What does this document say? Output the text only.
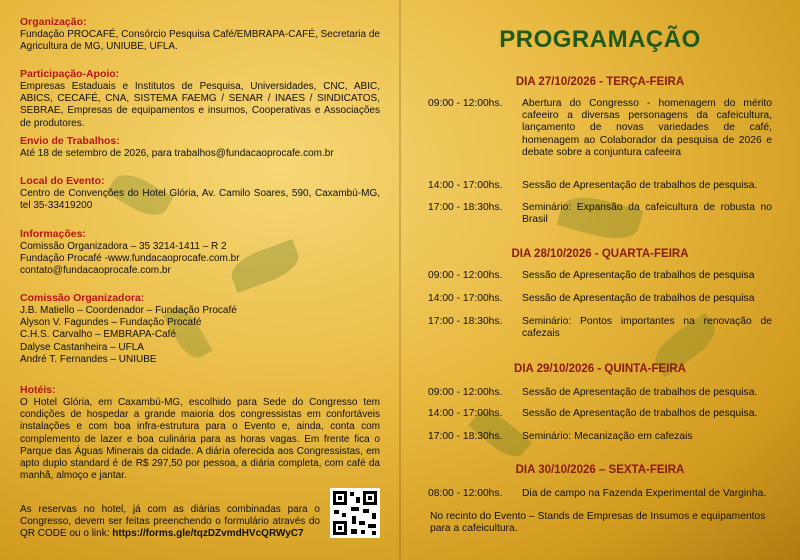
Organização:

Fundação PROCAFÉ, Consórcio Pesquisa Café/EMBRAPA-CAFÉ, Secretaria de Agricultura de MG, UNIUBE, UFLA.

Participação-Apoio:

Empresas Estaduais e Institutos de Pesquisa, Universidades, CNC, ABIC, ABICS, CECAFÉ, CNA, SISTEMA FAEMG / SENAR / INAES / SINDICATOS, SEBRAE, Empresas de equipamentos e insumos, Cooperativas e Associações de produtores.

Envio de Trabalhos:

Até 18 de setembro de 2026, para trabalhos@fundacaoprocafe.com.br

Local do Evento:

Centro de Convenções do Hotel Glória, Av. Camilo Soares, 590, Caxambú-MG, tel 35-33419200

Informações:
Comissão Organizadora – 35 3214-1411 – R 2
Fundação Procafé -www.fundacaoprocafe.com.br
contato@fundacaoprocafe.com.br
Comissão Organizadora:
J.B. Matiello – Coordenador – Fundação Procafé
Alyson V. Fagundes – Fundação Procafé
C.H.S. Carvalho – EMBRAPA-Café
Dalyse Castanheira – UFLA
André T. Fernandes – UNIUBE
Hotéis:

O Hotel Glória, em Caxambú-MG, escolhido para Sede do Congresso tem condições de hospedar a grande maioria dos congressistas em confortáveis instalações e com boa infra-estrutura para o Evento e, ainda, conta com complemento de lazer e boa culinária para as horas vagas. Em frente fica o Parque das Águas Minerais da cidade. A diária oferecida aos Congressistas, em apto duplo standard é de R$ 297,50 por pessoa, a diária completa, com café da manhã, almoço e jantar.

As reservas no hotel, já com as diárias combinadas para o Congresso, devem ser feitas preenchendo o formulário através do QR CODE ou o link: https://forms.gle/tqzDZvmdHVcQRWyC7

PROGRAMAÇÃO
DIA 27/10/2026 - TERÇA-FEIRA
09:00 - 12:00hs.	Abertura do Congresso - homenagem do mérito cafeeiro a diversas personagens da cafeicultura, lançamento de novas variedades de café, homenagem ao Colaborador da pesquisa de 2026 e debate sobre a conjuntura cafeeira
14:00 - 17:00hs.	Sessão de Apresentação de trabalhos de pesquisa.
17:00 - 18:30hs.	Seminário: Expansão da cafeicultura de robusta no Brasil
DIA 28/10/2026 - QUARTA-FEIRA
09:00 - 12:00hs.	Sessão de Apresentação de trabalhos de pesquisa
14:00 - 17:00hs.	Sessão de Apresentação de trabalhos de pesquisa
17:00 - 18:30hs.	Seminário: Pontos importantes na renovação de cafezais
DIA 29/10/2026 - QUINTA-FEIRA
09:00 - 12:00hs.	Sessão de Apresentação de trabalhos de pesquisa.
14:00 - 17:00hs.	Sessão de Apresentação de trabalhos de pesquisa.
17:00 - 18:30hs.	Seminário: Mecanização em cafezais
DIA 30/10/2026 – SEXTA-FEIRA
08:00 - 12:00hs.	Dia de campo na Fazenda Experimental de Varginha.
No recinto do Evento – Stands de Empresas de Insumos e equipamentos para a cafeicultura.
